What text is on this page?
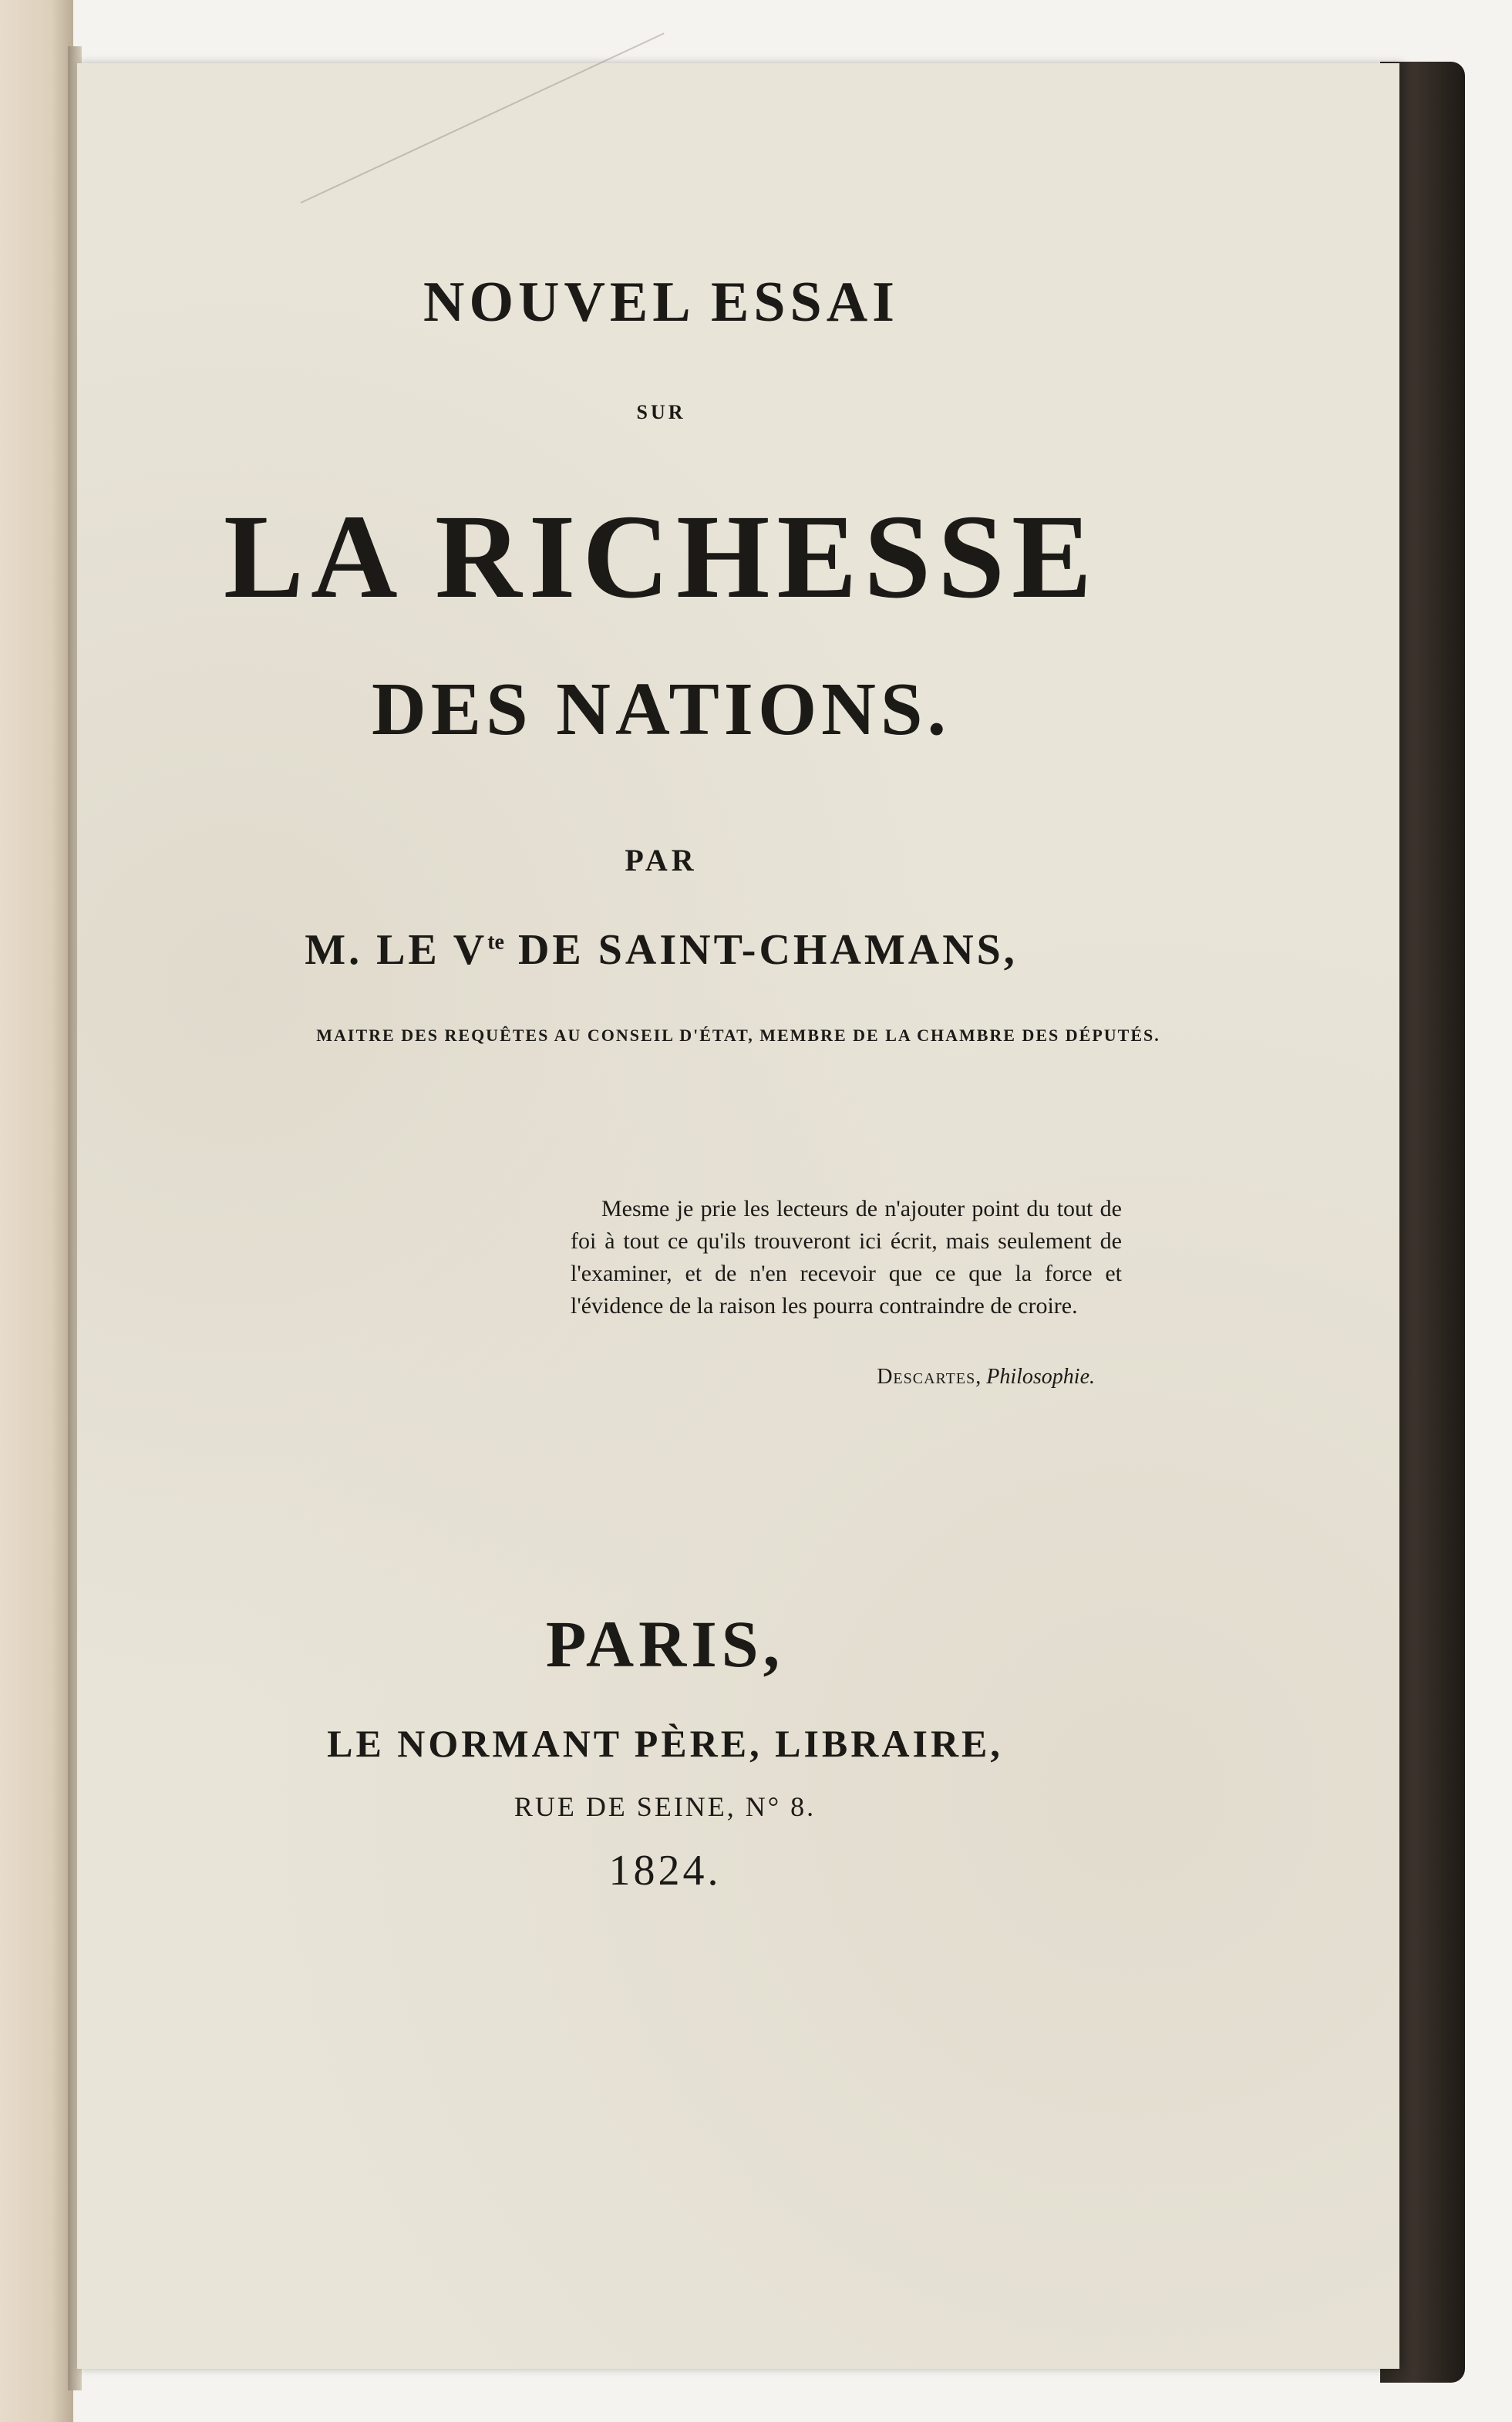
NOUVEL ESSAI

SUR

LA RICHESSE

DES NATIONS.

PAR

M. LE $V^{te}$ DE SAINT-CHAMANS,

MAITRE DES REQUÊTES AU CONSEIL D'ÉTAT, MEMBRE DE LA CHAMBRE DES DÉPUTÉS.

Mesme je prie les lecteurs de n'ajouter point du tout de foi à tout ce qu'ils trouveront ici écrit, mais seulement de l'examiner, et de n'en recevoir que ce que la force et l'évidence de la raison les pourra contraindre de croire.
Descartes, Philosophie.

PARIS,

LE NORMANT PÈRE, LIBRAIRE,

RUE DE SEINE, N° 8.

1824.
